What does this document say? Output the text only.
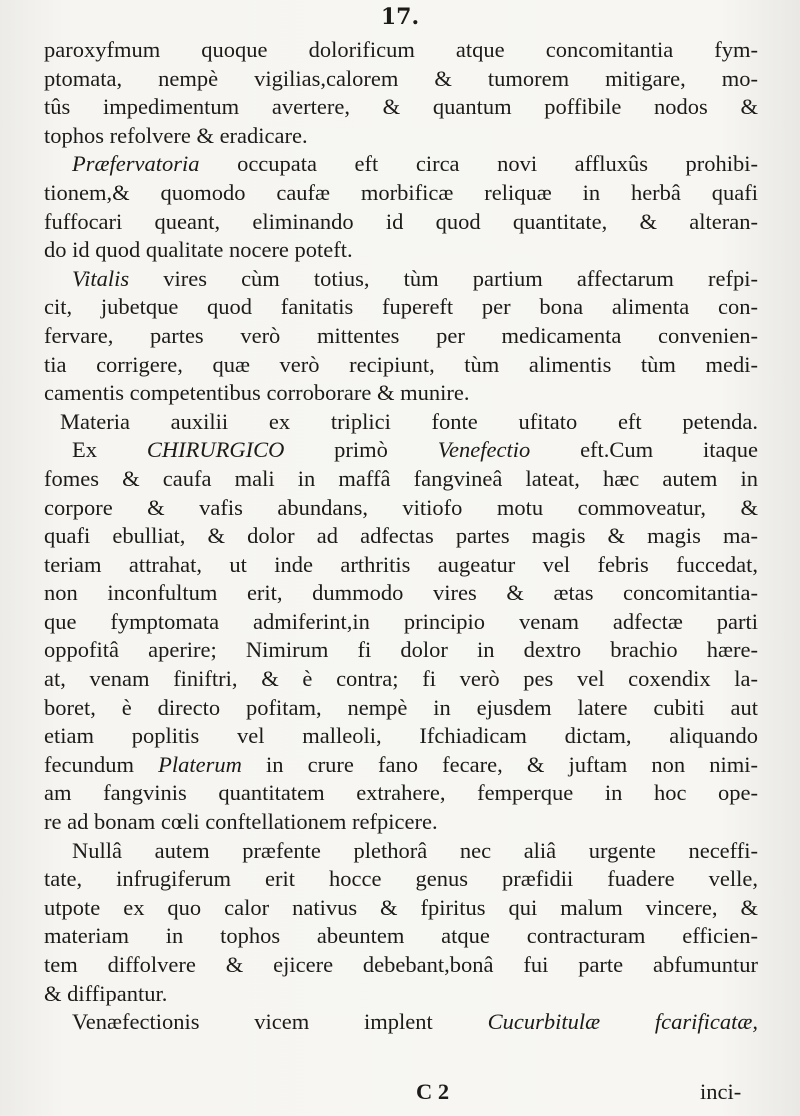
17.
paroxyfmum quoque dolorificum atque concomitantia fym-
ptomata, nempè vigilias,calorem & tumorem mitigare, mo-
tûs impedimentum avertere, & quantum poffibile nodos &
tophos refolvere & eradicare.
Præfervatoria occupata eft circa novi affluxûs prohibi-
tionem,& quomodo caufæ morbificæ reliquæ in herbâ quafi
fuffocari queant, eliminando id quod quantitate, & alteran-
do id quod qualitate nocere poteft.
Vitalis vires cùm totius, tùm partium affectarum refpi-
cit, jubetque quod fanitatis fupereft per bona alimenta con-
fervare, partes verò mittentes per medicamenta convenien-
tia corrigere, quæ verò recipiunt, tùm alimentis tùm medi-
camentis competentibus corroborare & munire.
Materia auxilii ex triplici fonte ufitato eft petenda.
Ex CHIRURGICO primò Venefectio eft.Cum itaque
fomes & caufa mali in maffâ fangvineâ lateat, hæc autem in
corpore & vafis abundans, vitiofo motu commoveatur, &
quafi ebulliat, & dolor ad adfectas partes magis & magis ma-
teriam attrahat, ut inde arthritis augeatur vel febris fuccedat,
non inconfultum erit, dummodo vires & ætas concomitantia-
que fymptomata admiferint,in principio venam adfectæ parti
oppofitâ aperire; Nimirum fi dolor in dextro brachio hære-
at, venam finiftri, & è contra; fi verò pes vel coxendix la-
boret, è directo pofitam, nempè in ejusdem latere cubiti aut
etiam poplitis vel malleoli, Ifchiadicam dictam, aliquando
fecundum Platerum in crure fano fecare, & juftam non nimi-
am fangvinis quantitatem extrahere, femperque in hoc ope-
re ad bonam cœli conftellationem refpicere.
Nullâ autem præfente plethorâ nec aliâ urgente neceffi-
tate, infrugiferum erit hocce genus præfidii fuadere velle,
utpote ex quo calor nativus & fpiritus qui malum vincere, &
materiam in tophos abeuntem atque contracturam efficien-
tem diffolvere & ejicere debebant,bonâ fui parte abfumuntur
& diffipantur.
Venæfectionis vicem implent Cucurbitulæ fcarificatæ,
C 2	inci-
